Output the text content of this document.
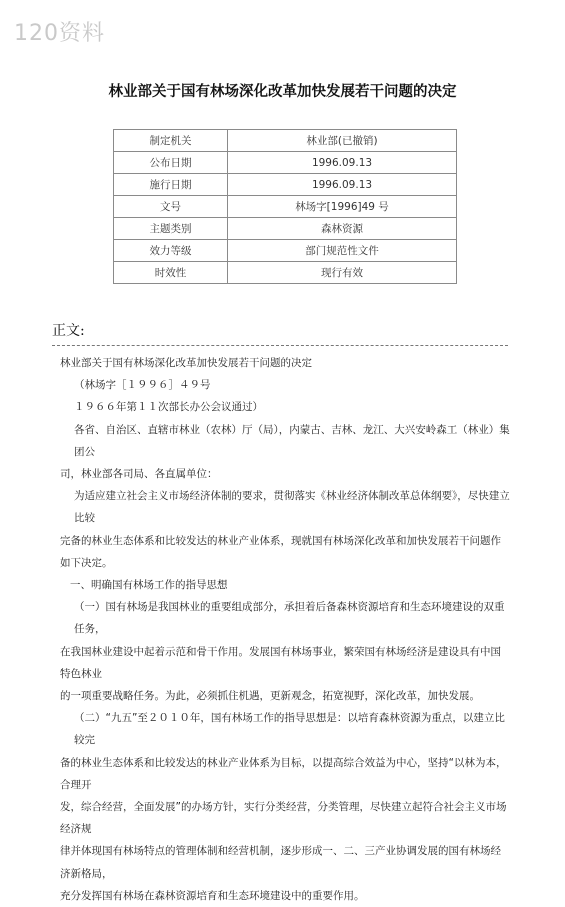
120资料
林业部关于国有林场深化改革加快发展若干问题的决定
制定机关	林业部(已撤销)
公布日期	1996.09.13
施行日期	1996.09.13
文号	林场字[1996]49 号
主题类别	森林资源
效力等级	部门规范性文件
时效性	现行有效
正文:

林业部关于国有林场深化改革加快发展若干问题的决定

（林场字［１９９６］４９号

１９６６年第１１次部长办公会议通过）

各省、自治区、直辖市林业（农林）厅（局），内蒙古、吉林、龙江、大兴安岭森工（林业）集团公

司，林业部各司局、各直属单位：

为适应建立社会主义市场经济体制的要求，贯彻落实《林业经济体制改革总体纲要》，尽快建立比较

完备的林业生态体系和比较发达的林业产业体系，现就国有林场深化改革和加快发展若干问题作如下决定。

一、明确国有林场工作的指导思想

（一）国有林场是我国林业的重要组成部分，承担着后备森林资源培育和生态环境建设的双重任务，

在我国林业建设中起着示范和骨干作用。发展国有林场事业，繁荣国有林场经济是建设具有中国特色林业

的一项重要战略任务。为此，必须抓住机遇，更新观念，拓宽视野，深化改革，加快发展。

（二）“九五”至２０１０年，国有林场工作的指导思想是：以培育森林资源为重点，以建立比较完

备的林业生态体系和比较发达的林业产业体系为目标，以提高综合效益为中心，坚持“以林为本，合理开

发，综合经营，全面发展”的办场方针，实行分类经营，分类管理，尽快建立起符合社会主义市场经济规

律并体现国有林场特点的管理体制和经营机制，逐步形成一、二、三产业协调发展的国有林场经济新格局，

充分发挥国有林场在森林资源培育和生态环境建设中的重要作用。
